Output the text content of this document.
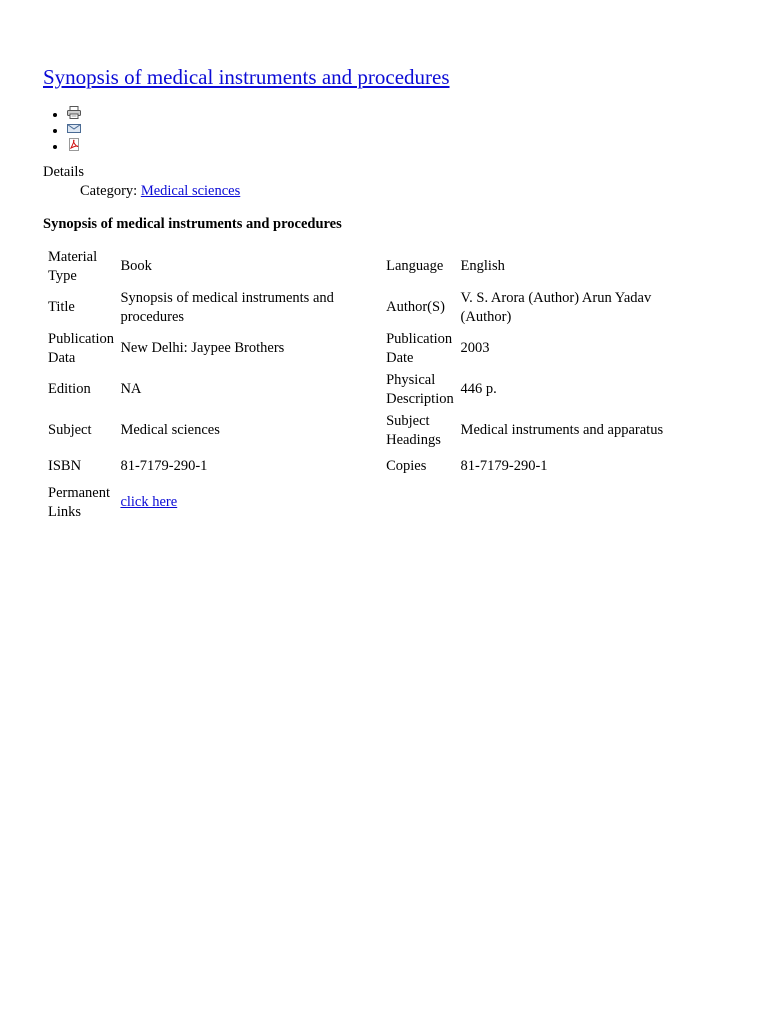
Synopsis of medical instruments and procedures
•
•
•
Details
Category: Medical sciences
Synopsis of medical instruments and procedures
Material Type	Book	Language	English
Title	Synopsis of medical instruments and procedures	Author(S)	V. S. Arora (Author) Arun Yadav (Author)
Publication Data	New Delhi: Jaypee Brothers	Publication Date	2003
Edition	NA	Physical Description	446 p.
Subject	Medical sciences	Subject Headings	Medical instruments and apparatus
ISBN	81-7179-290-1	Copies	81-7179-290-1
Permanent Links	click here		
